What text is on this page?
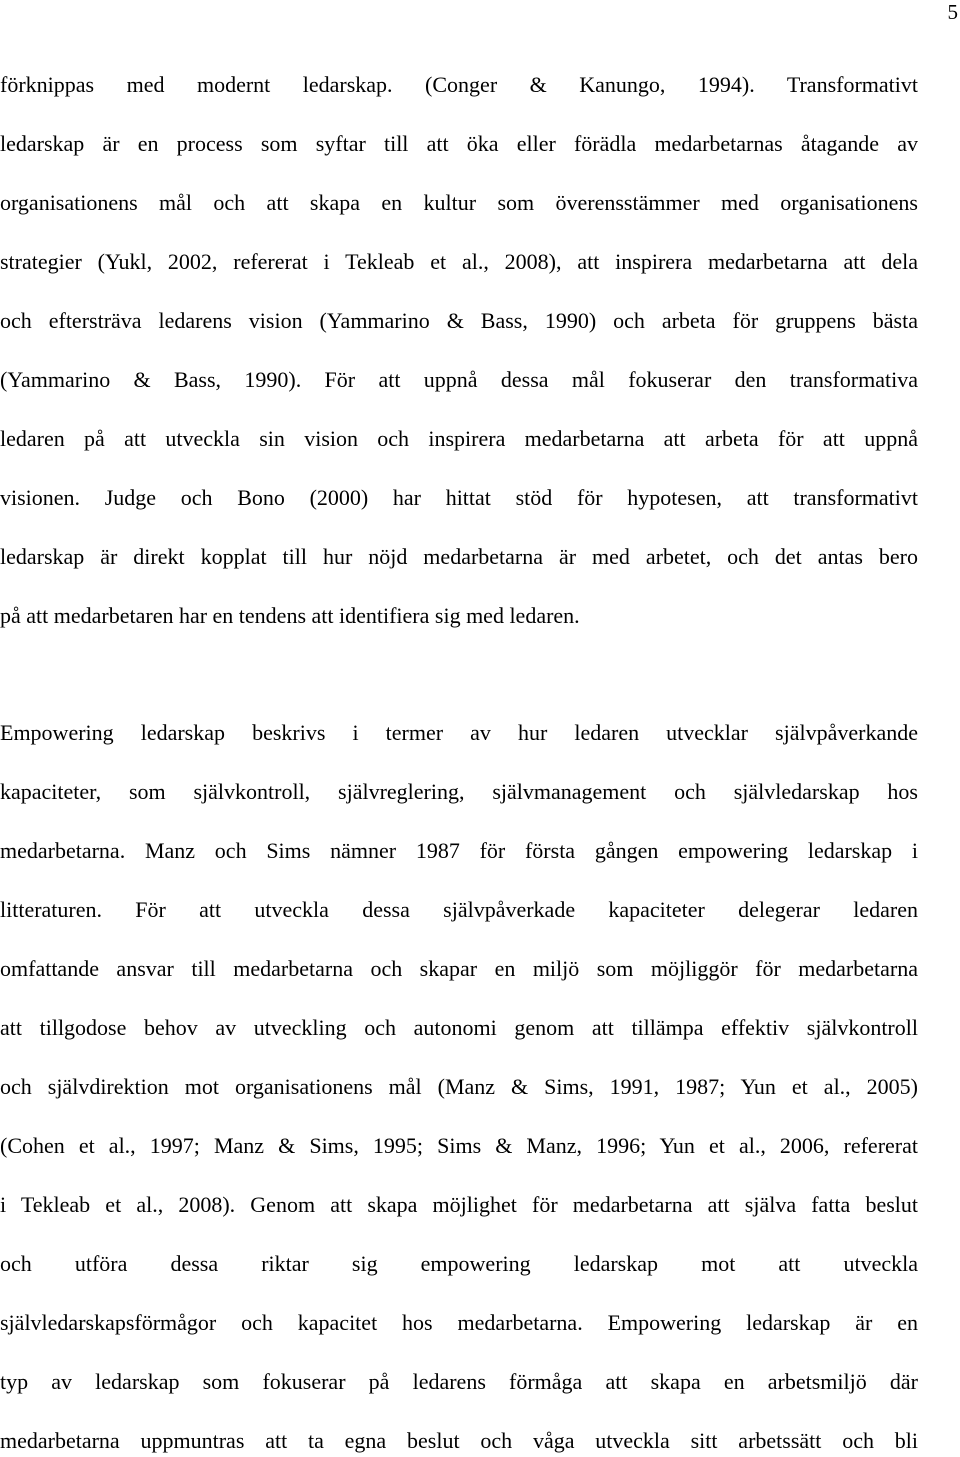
5
förknippas med modernt ledarskap. (Conger & Kanungo, 1994). Transformativt
ledarskap är en process som syftar till att öka eller förädla medarbetarnas åtagande av
organisationens mål och att skapa en kultur som överensstämmer med organisationens
strategier (Yukl, 2002, refererat i Tekleab et al., 2008), att inspirera medarbetarna att dela
och eftersträva ledarens vision (Yammarino & Bass, 1990) och arbeta för gruppens bästa
(Yammarino & Bass, 1990). För att uppnå dessa mål fokuserar den transformativa
ledaren på att utveckla sin vision och inspirera medarbetarna att arbeta för att uppnå
visionen. Judge och Bono (2000) har hittat stöd för hypotesen, att transformativt
ledarskap är direkt kopplat till hur nöjd medarbetarna är med arbetet, och det antas bero
på att medarbetaren har en tendens att identifiera sig med ledaren.
Empowering ledarskap beskrivs i termer av hur ledaren utvecklar självpåverkande
kapaciteter, som självkontroll, självreglering, självmanagement och självledarskap hos
medarbetarna. Manz och Sims nämner 1987 för första gången empowering ledarskap i
litteraturen. För att utveckla dessa självpåverkade kapaciteter delegerar ledaren
omfattande ansvar till medarbetarna och skapar en miljö som möjliggör för medarbetarna
att tillgodose behov av utveckling och autonomi genom att tillämpa effektiv självkontroll
och självdirektion mot organisationens mål (Manz & Sims, 1991, 1987; Yun et al., 2005)
(Cohen et al., 1997; Manz & Sims, 1995; Sims & Manz, 1996; Yun et al., 2006, refererat
i Tekleab et al., 2008). Genom att skapa möjlighet för medarbetarna att själva fatta beslut
och utföra dessa riktar sig empowering ledarskap mot att utveckla
självledarskapsförmågor och kapacitet hos medarbetarna. Empowering ledarskap är en
typ av ledarskap som fokuserar på ledarens förmåga att skapa en arbetsmiljö där
medarbetarna uppmuntras att ta egna beslut och våga utveckla sitt arbetssätt och bli
